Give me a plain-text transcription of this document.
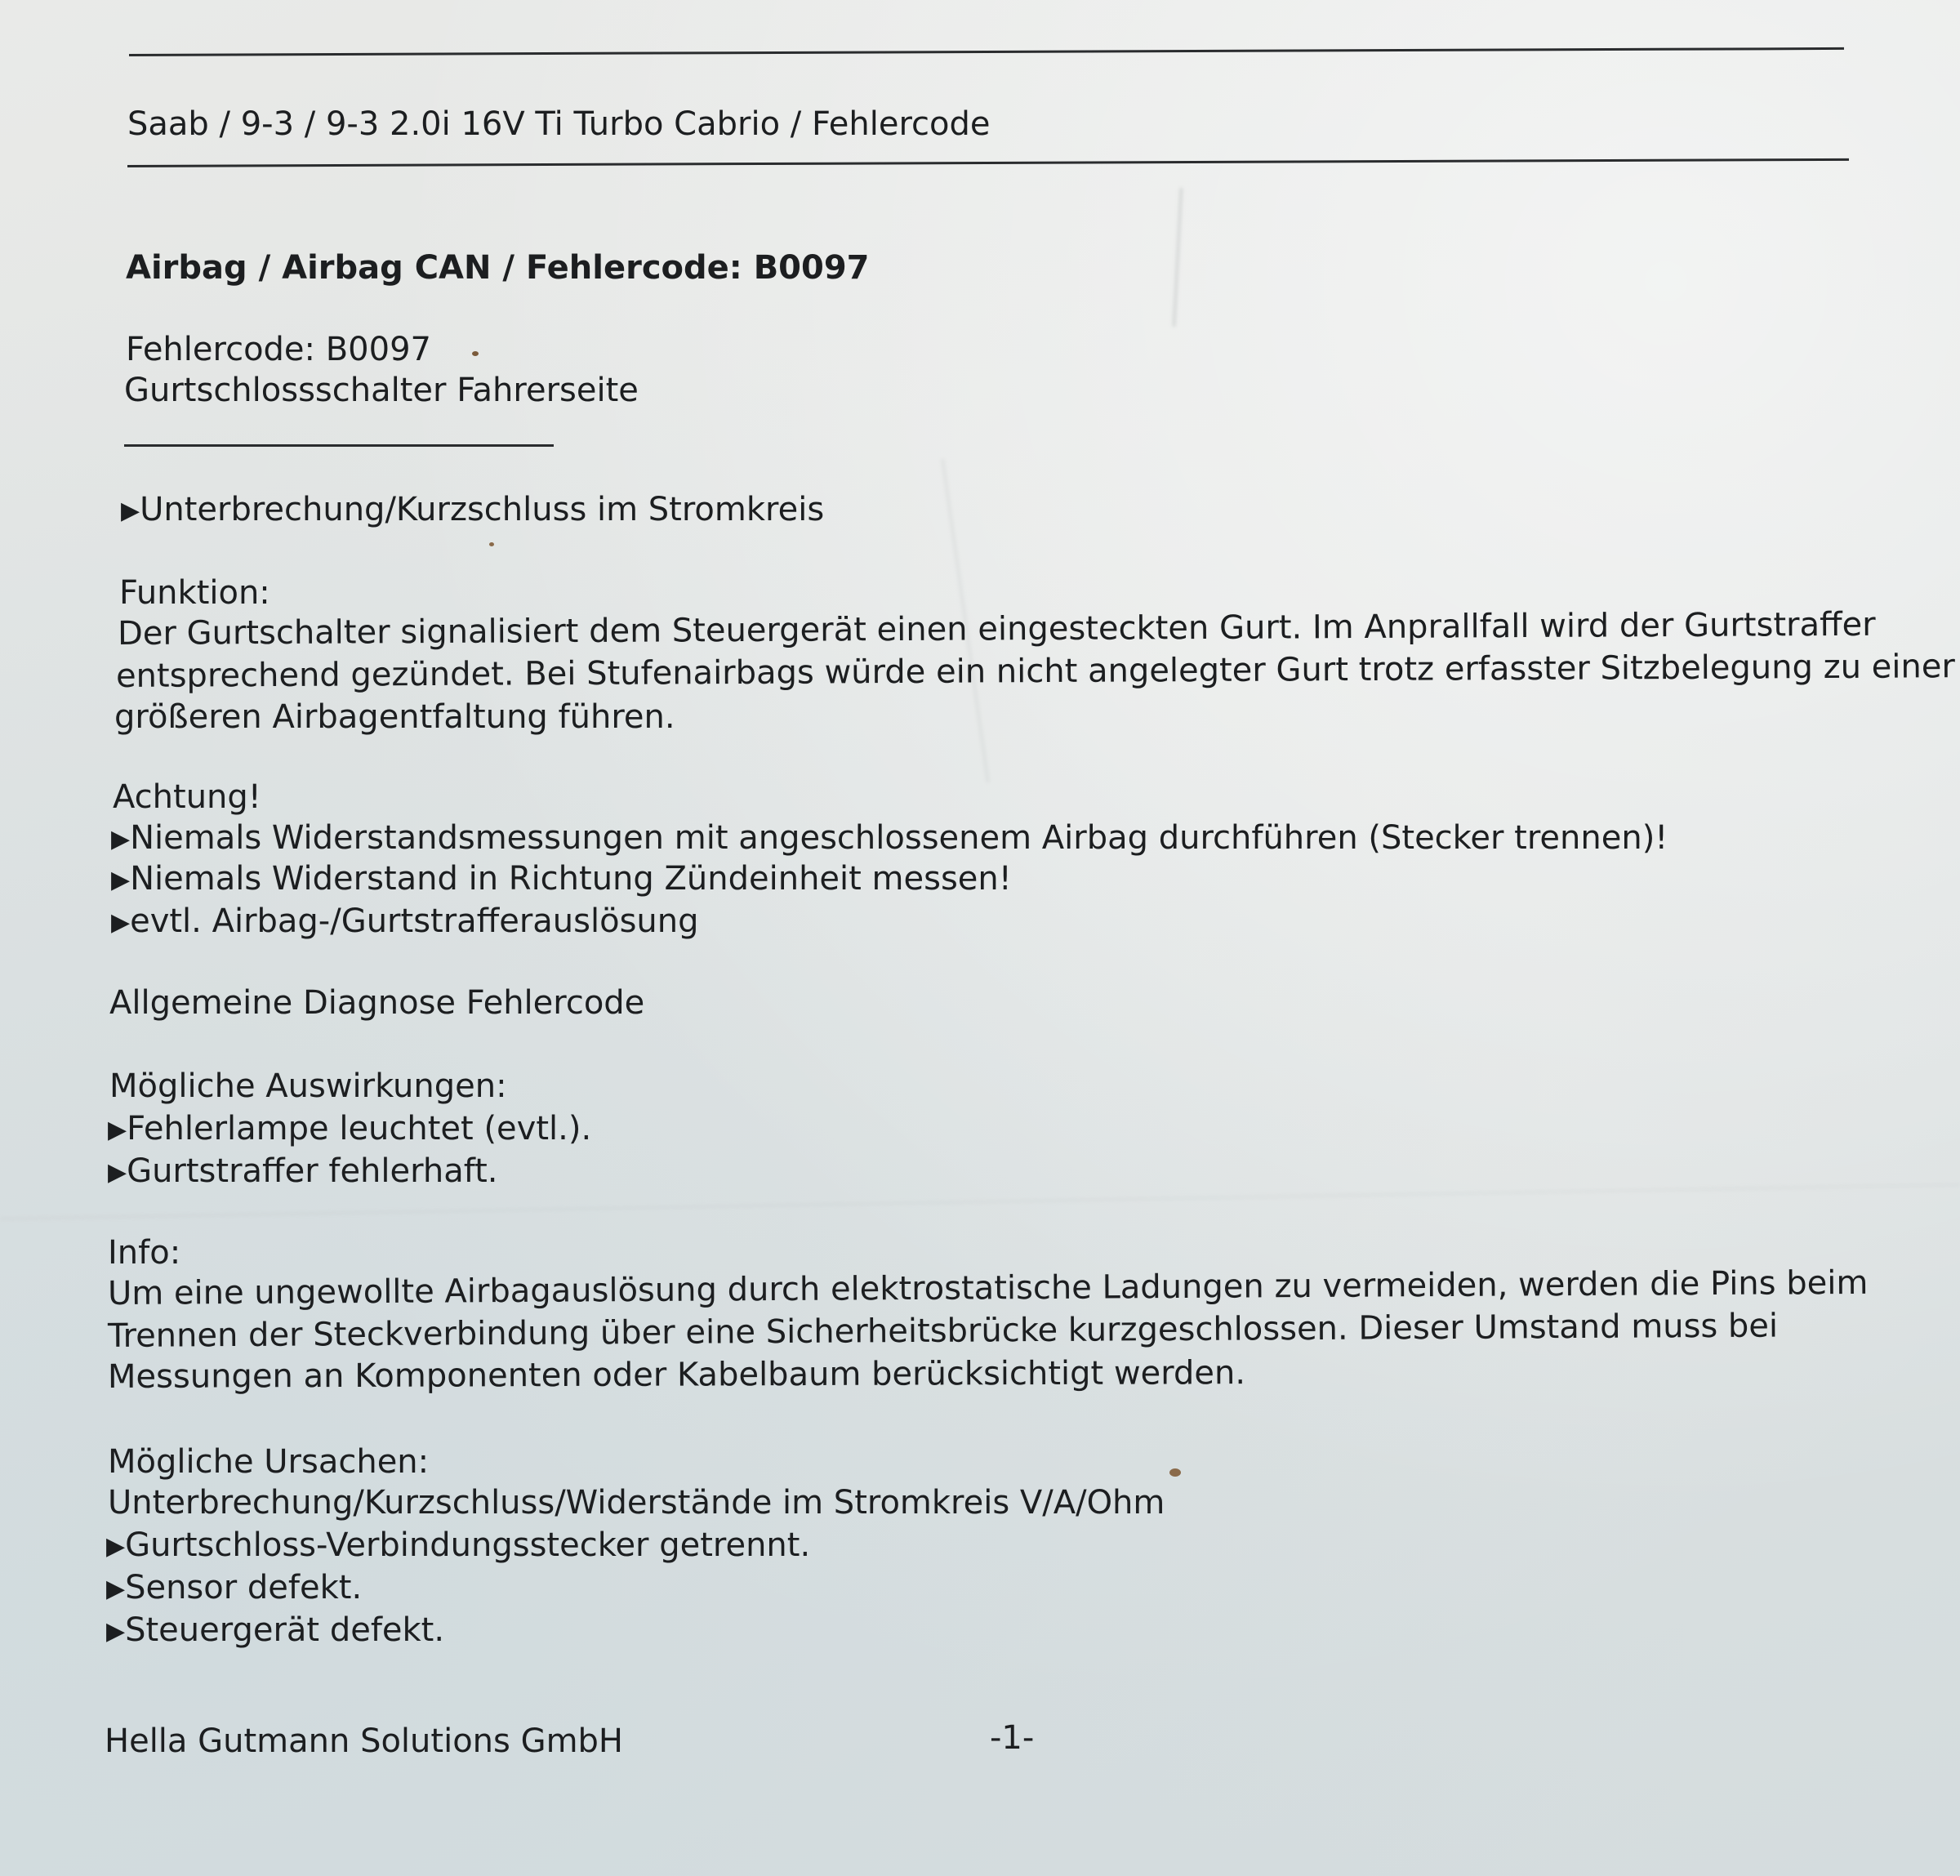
Saab / 9-3 / 9-3 2.0i 16V Ti Turbo Cabrio / Fehlercode

Airbag / Airbag CAN / Fehlercode: B0097

Fehlercode: B0097

Gurtschlossschalter Fahrerseite

▶Unterbrechung/Kurzschluss im Stromkreis

Funktion:

Der Gurtschalter signalisiert dem Steuergerät einen eingesteckten Gurt. Im Anprallfall wird der Gurtstraffer

entsprechend gezündet. Bei Stufenairbags würde ein nicht angelegter Gurt trotz erfasster Sitzbelegung zu einer

größeren Airbagentfaltung führen.

Achtung!

▶Niemals Widerstandsmessungen mit angeschlossenem Airbag durchführen (Stecker trennen)!

▶Niemals Widerstand in Richtung Zündeinheit messen!

▶evtl. Airbag-/Gurtstrafferauslösung

Allgemeine Diagnose Fehlercode

Mögliche Auswirkungen:

▶Fehlerlampe leuchtet (evtl.).

▶Gurtstraffer fehlerhaft.

Info:

Um eine ungewollte Airbagauslösung durch elektrostatische Ladungen zu vermeiden, werden die Pins beim

Trennen der Steckverbindung über eine Sicherheitsbrücke kurzgeschlossen. Dieser Umstand muss bei

Messungen an Komponenten oder Kabelbaum berücksichtigt werden.

Mögliche Ursachen:

Unterbrechung/Kurzschluss/Widerstände im Stromkreis V/A/Ohm

▶Gurtschloss-Verbindungsstecker getrennt.

▶Sensor defekt.

▶Steuergerät defekt.

Hella Gutmann Solutions GmbH	-1-
